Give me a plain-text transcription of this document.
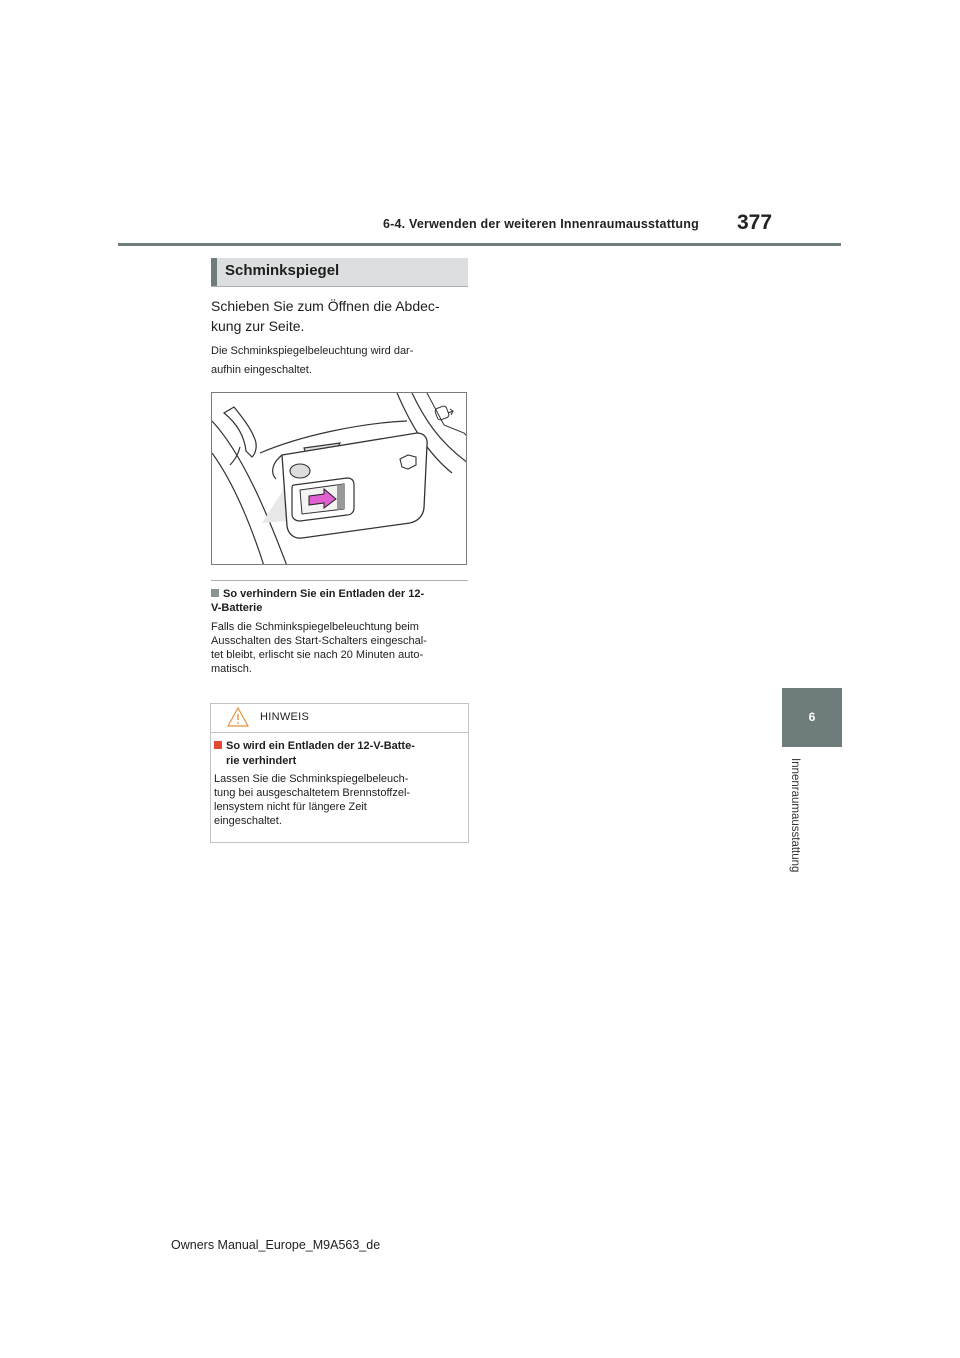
6-4. Verwenden der weiteren Innenraumausstattung 377
6
Innenraumausstattung
Schminkspiegel
Schieben Sie zum Öffnen die Abdec-
kung zur Seite.
Die Schminkspiegelbeleuchtung wird dar-
aufhin eingeschaltet.
So verhindern Sie ein Entladen der 12-
V-Batterie
Falls die Schminkspiegelbeleuchtung beim
Ausschalten des Start-Schalters eingeschal-
tet bleibt, erlischt sie nach 20 Minuten auto-
matisch.
HINWEIS
So wird ein Entladen der 12-V-Batte-
rie verhindert
Lassen Sie die Schminkspiegelbeleuch-
tung bei ausgeschaltetem Brennstoffzel-
lensystem nicht für längere Zeit
eingeschaltet.
Owners Manual_Europe_M9A563_de
